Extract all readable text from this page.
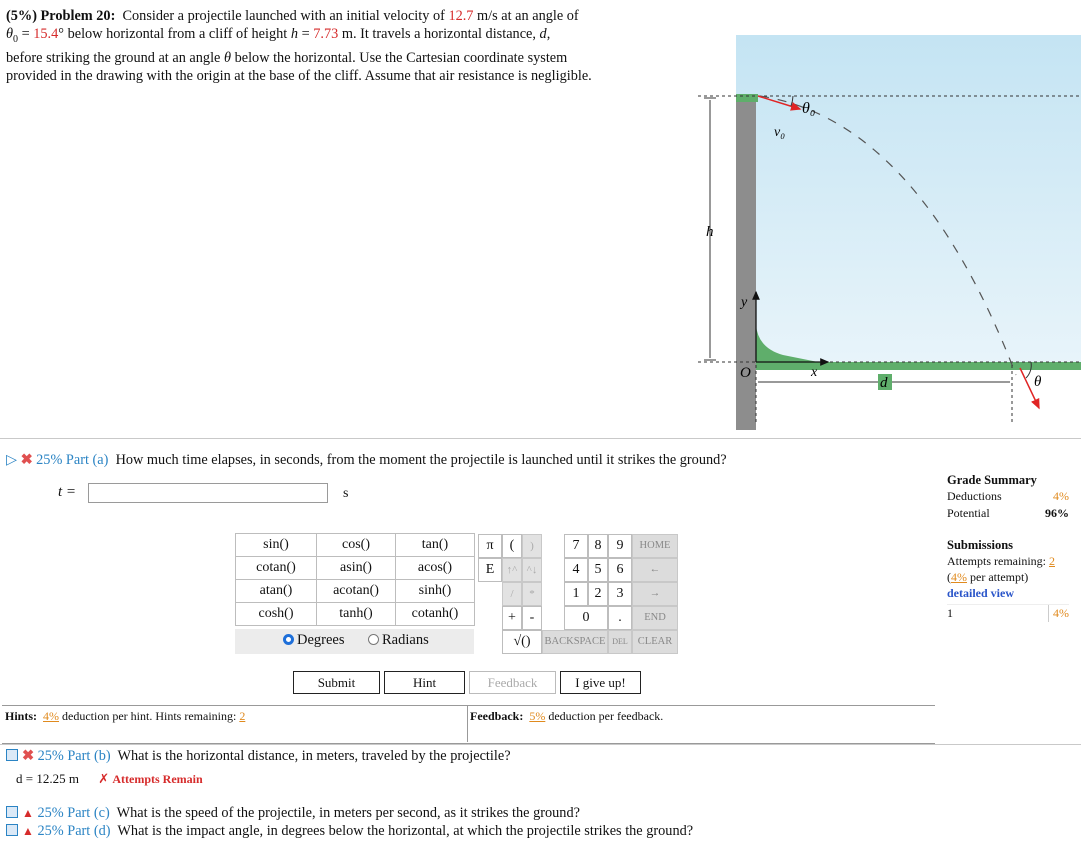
(5%) Problem 20: Consider a projectile launched with an initial velocity of 12.7 m/s at an angle of
$\theta_0 = 15.4^\circ$ below horizontal from a cliff of height h = 7.73 m. It travels a horizontal distance, d,
before striking the ground at an angle θ below the horizontal. Use the Cartesian coordinate system
provided in the drawing with the origin at the base of the cliff. Assume that air resistance is negligible.
h
θ₀
v₀
y
x
O
d	θ
▷ ✖ 25% Part (a) How much time elapses, in seconds, from the moment the projectile is launched until it strikes the ground?
t =	s
sin()	cos()	tan()
cotan()	asin()	acos()
atan()	acotan()	sinh()
cosh()	tanh()	cotanh()
Degrees	Radians
π	(	)	7	8	9	HOME
E	↑^ ^↓	4	5	6	←
/	*	1	2	3	→
+ -	0	.	END
√()	BACKSPACE DEL CLEAR
Submit	Hint	Feedback	I give up!
Hints: 4% deduction per hint. Hints remaining: 2	Feedback: 5% deduction per feedback.
Grade Summary
Deductions	4%
Potential	96%
Submissions
Attempts remaining: 2
(4% per attempt)
detailed view
1	4%
✖ 25% Part (b) What is the horizontal distance, in meters, traveled by the projectile?
d = 12.25 m ✗ Attempts Remain
▲ 25% Part (c) What is the speed of the projectile, in meters per second, as it strikes the ground?
▲ 25% Part (d) What is the impact angle, in degrees below the horizontal, at which the projectile strikes the ground?
